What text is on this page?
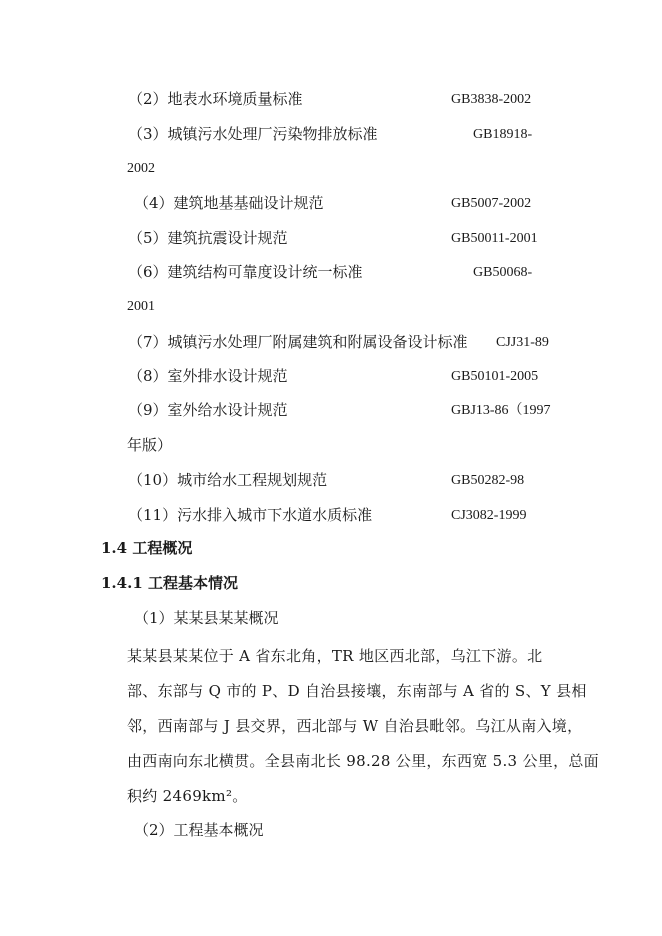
（2）地表水环境质量标准	GB3838-2002
（3）城镇污水处理厂污染物排放标准	GB18918-
2002
（4）建筑地基基础设计规范	GB5007-2002
（5）建筑抗震设计规范	GB50011-2001
（6）建筑结构可靠度设计统一标准	GB50068-
2001
（7）城镇污水处理厂附属建筑和附属设备设计标准 CJJ31-89
（8）室外排水设计规范	GB50101-2005
（9）室外给水设计规范	GBJ13-86（1997
年版）
（10）城市给水工程规划规范	GB50282-98
（11）污水排入城市下水道水质标准	CJ3082-1999
1.4 工程概况
1.4.1 工程基本情况
（1）某某县某某概况
某某县某某位于 A 省东北角，TR 地区西北部，乌江下游。北
部、东部与 Q 市的 P、D 自治县接壤，东南部与 A 省的 S、Y 县相
邻，西南部与 J 县交界，西北部与 W 自治县毗邻。乌江从南入境，
由西南向东北横贯。全县南北长 98.28 公里，东西宽 5.3 公里，总面
积约 2469km²。
（2）工程基本概况
